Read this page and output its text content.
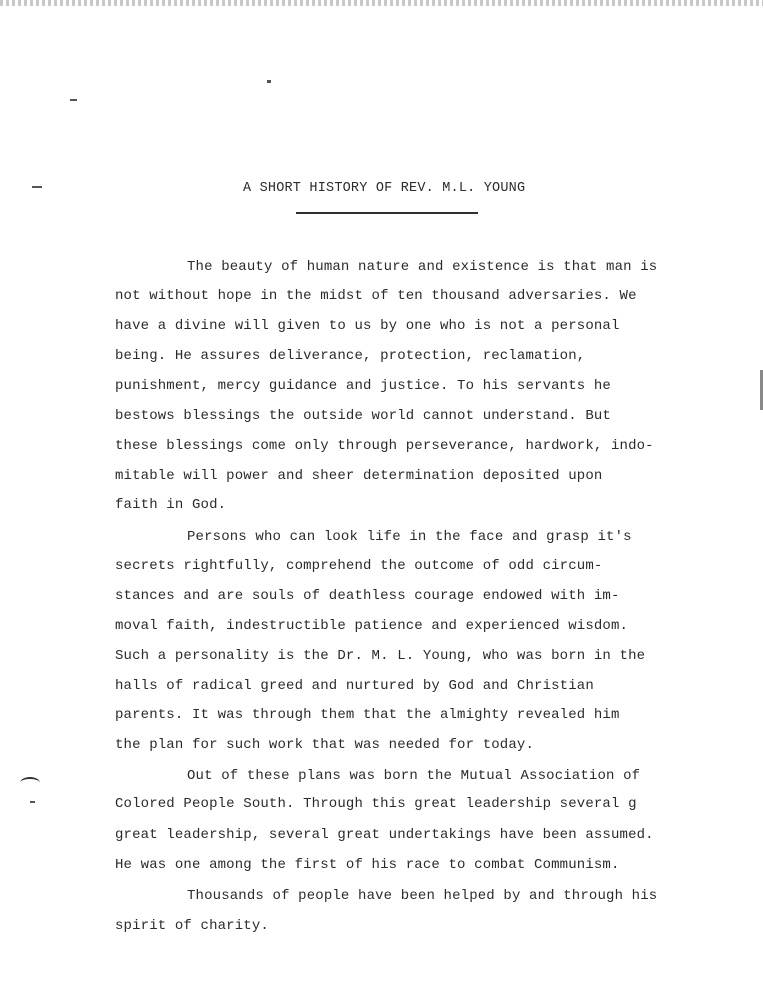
A SHORT HISTORY OF REV. M.L. YOUNG
The beauty of human nature and existence is that man is
not without hope in the midst of ten thousand adversaries. We
have a divine will given to us by one who is not a personal
being. He assures deliverance, protection, reclamation,
punishment, mercy guidance and justice. To his servants he
bestows blessings the outside world cannot understand. But
these blessings come only through perseverance, hardwork, indo-
mitable will power and sheer determination deposited upon
faith in God.
Persons who can look life in the face and grasp it's
secrets rightfully, comprehend the outcome of odd circum-
stances and are souls of deathless courage endowed with im-
moval faith, indestructible patience and experienced wisdom.
Such a personality is the Dr. M. L. Young, who was born in the
halls of radical greed and nurtured by God and Christian
parents. It was through them that the almighty revealed him
the plan for such work that was needed for today.
Out of these plans was born the Mutual Association of
Colored People South. Through this great leadership several g
great leadership, several great undertakings have been assumed.
He was one among the first of his race to combat Communism.
Thousands of people have been helped by and through his
spirit of charity.
